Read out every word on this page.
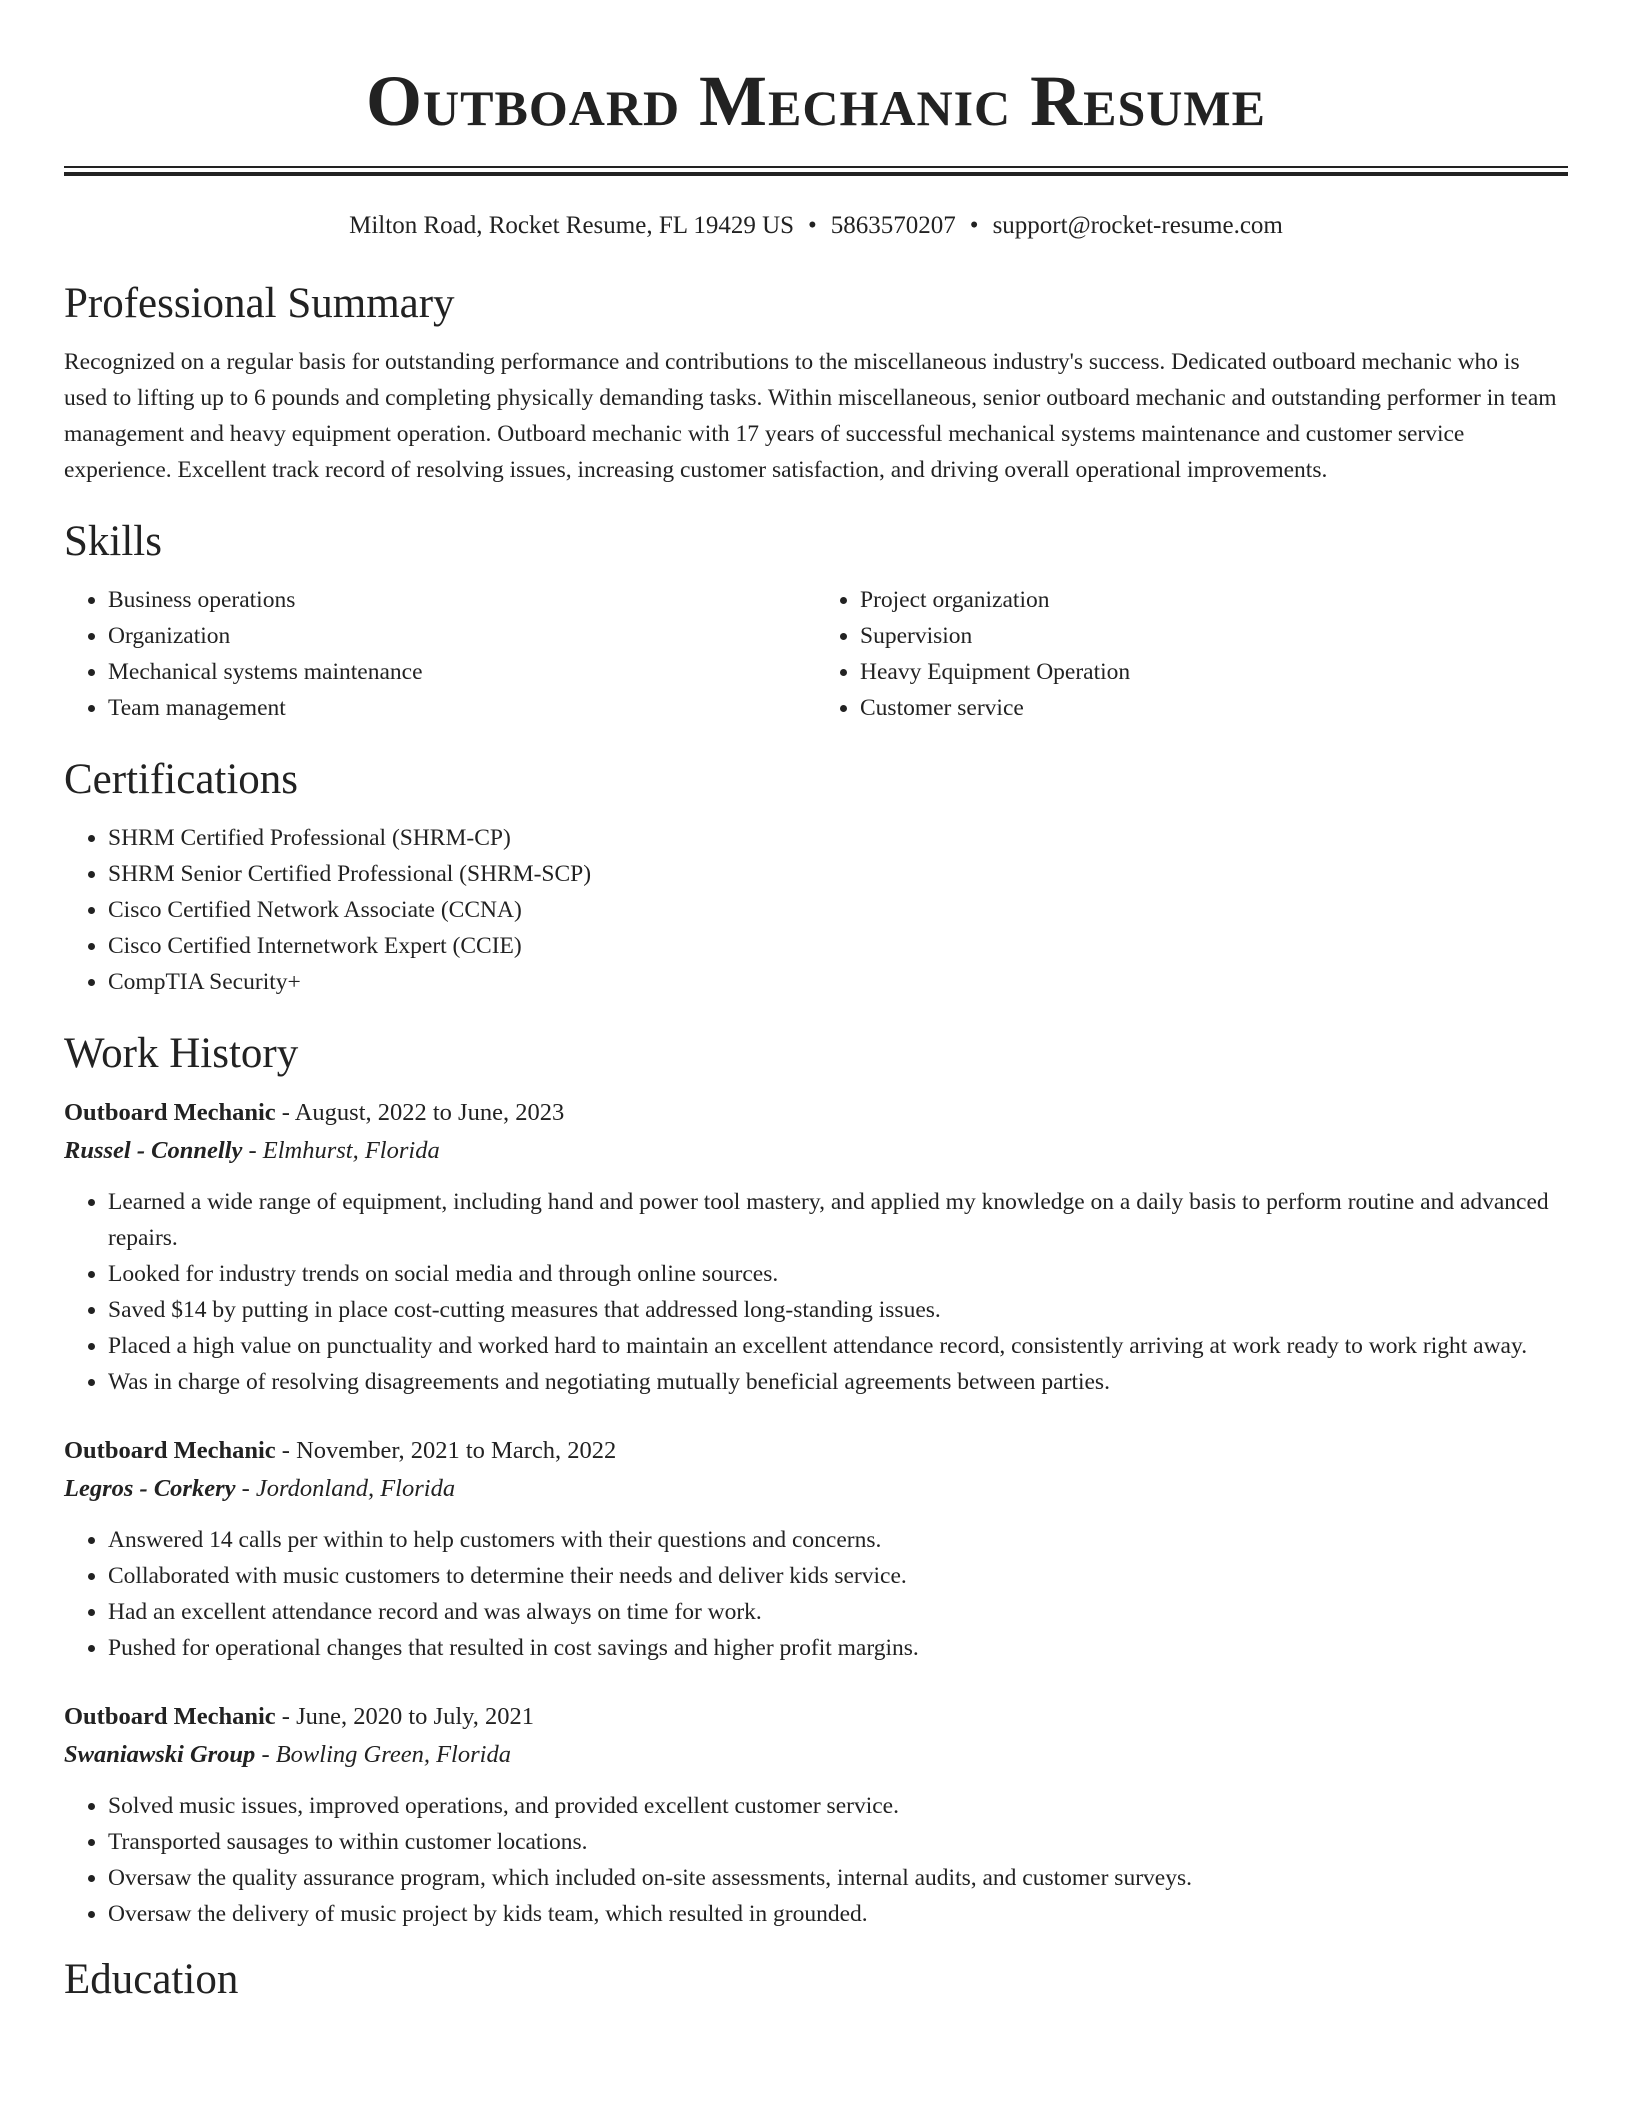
Outboard Mechanic Resume
Milton Road, Rocket Resume, FL 19429 US • 5863570207 • support@rocket-resume.com
Professional Summary

Recognized on a regular basis for outstanding performance and contributions to the miscellaneous industry's success. Dedicated outboard mechanic who is used to lifting up to 6 pounds and completing physically demanding tasks. Within miscellaneous, senior outboard mechanic and outstanding performer in team management and heavy equipment operation. Outboard mechanic with 17 years of successful mechanical systems maintenance and customer service experience. Excellent track record of resolving issues, increasing customer satisfaction, and driving overall operational improvements.

Skills
• Business operations
• Organization
• Mechanical systems maintenance
• Team management
• Project organization
• Supervision
• Heavy Equipment Operation
• Customer service
Certifications
• SHRM Certified Professional (SHRM-CP)
• SHRM Senior Certified Professional (SHRM-SCP)
• Cisco Certified Network Associate (CCNA)
• Cisco Certified Internetwork Expert (CCIE)
• CompTIA Security+
Work History
Outboard Mechanic - August, 2022 to June, 2023
Russel - Connelly - Elmhurst, Florida
• Learned a wide range of equipment, including hand and power tool mastery, and applied my knowledge on a daily basis to perform routine and advanced repairs.
• Looked for industry trends on social media and through online sources.
• Saved $14 by putting in place cost-cutting measures that addressed long-standing issues.
• Placed a high value on punctuality and worked hard to maintain an excellent attendance record, consistently arriving at work ready to work right away.
• Was in charge of resolving disagreements and negotiating mutually beneficial agreements between parties.
Outboard Mechanic - November, 2021 to March, 2022
Legros - Corkery - Jordonland, Florida
• Answered 14 calls per within to help customers with their questions and concerns.
• Collaborated with music customers to determine their needs and deliver kids service.
• Had an excellent attendance record and was always on time for work.
• Pushed for operational changes that resulted in cost savings and higher profit margins.
Outboard Mechanic - June, 2020 to July, 2021
Swaniawski Group - Bowling Green, Florida
• Solved music issues, improved operations, and provided excellent customer service.
• Transported sausages to within customer locations.
• Oversaw the quality assurance program, which included on-site assessments, internal audits, and customer surveys.
• Oversaw the delivery of music project by kids team, which resulted in grounded.
Education
